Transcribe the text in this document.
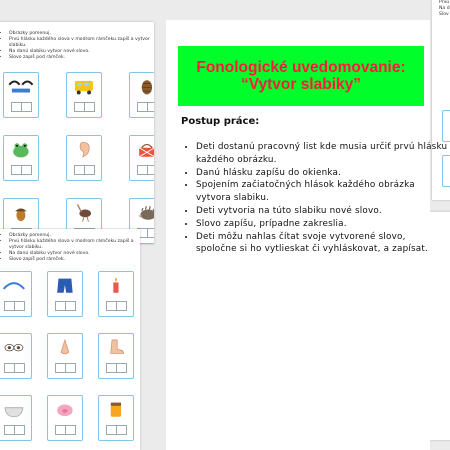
• Obrázky pomenuj.
• Prvú hlásku každého slova v modrom rámčeku zapíš a vytvor slabiku.
• Na danú slabiku vytvor nové slovo.
• Slovo zapíš pod rámček.
• Obrázky pomenuj.
• Prvú hlásku každého slova v modrom rámčeku zapíš a vytvor slabiku.
• Na danú slabiku vytvor nové slovo.
• Slovo zapíš pod rámček.
• Prvú
• Na d
• Slov
Fonologické uvedomovanie:
“Vytvor slabiky”
Postup práce:
• Deti dostanú pracovný list kde musia určiť prvú hlásku každého obrázku.
• Danú hlásku zapíšu do okienka.
• Spojením začiatočných hlások každého obrázka vytvora slabiku.
• Deti vytvoria na túto slabiku nové slovo.
• Slovo zapíšu, prípadne zakreslia.
• Deti môžu nahlas čítat svoje vytvorené slovo, spoločne si ho vytlieskat či vyhláskovat, a zapísat.
